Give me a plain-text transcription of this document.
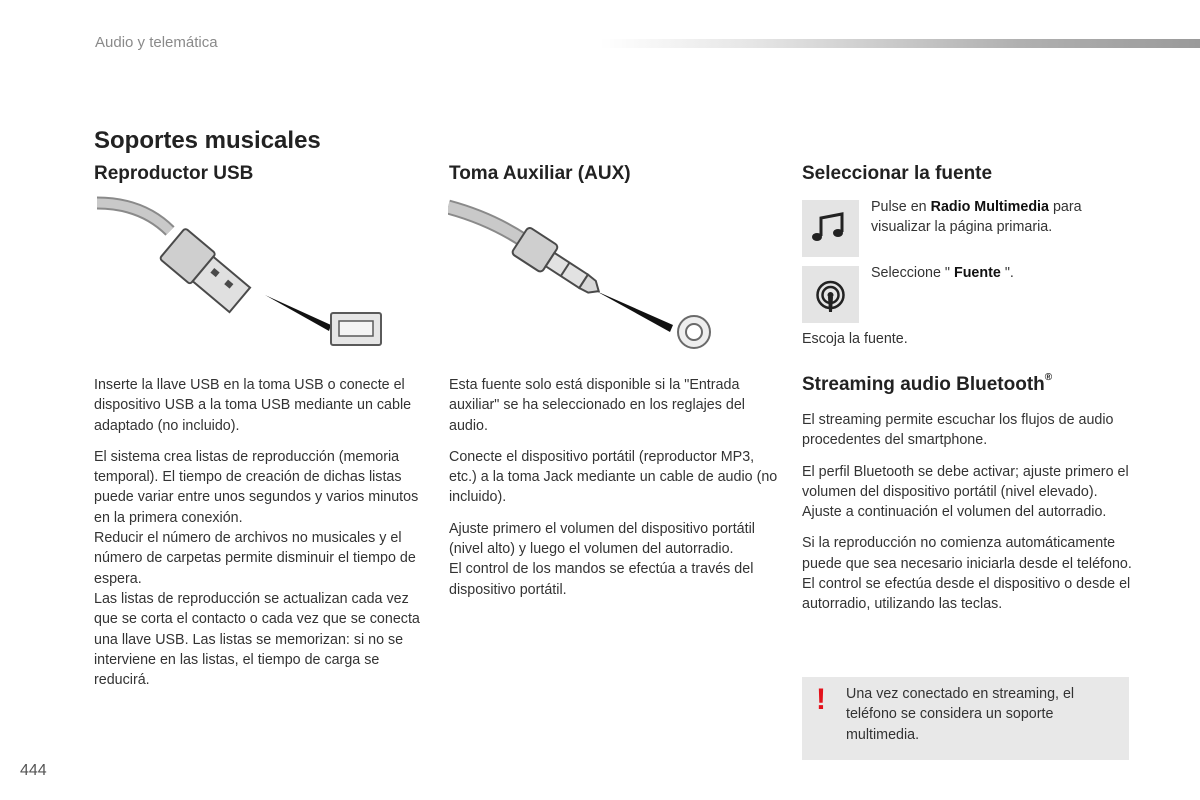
Audio y telemática
Soportes musicales
Reproductor USB

Inserte la llave USB en la toma USB o conecte el dispositivo USB a la toma USB mediante un cable adaptado (no incluido).

El sistema crea listas de reproducción (memoria temporal). El tiempo de creación de dichas listas puede variar entre unos segundos y varios minutos en la primera conexión.
Reducir el número de archivos no musicales y el número de carpetas permite disminuir el tiempo de espera.
Las listas de reproducción se actualizan cada vez que se corta el contacto o cada vez que se conecta una llave USB. Las listas se memorizan: si no se interviene en las listas, el tiempo de carga se reducirá.

Toma Auxiliar (AUX)

Esta fuente solo está disponible si la "Entrada auxiliar" se ha seleccionado en los reglajes del audio.

Conecte el dispositivo portátil (reproductor MP3, etc.) a la toma Jack mediante un cable de audio (no incluido).

Ajuste primero el volumen del dispositivo portátil (nivel alto) y luego el volumen del autorradio.
El control de los mandos se efectúa a través del dispositivo portátil.

Seleccionar la fuente
Pulse en Radio Multimedia para visualizar la página primaria.
Seleccione " Fuente ".
Escoja la fuente.
Streaming audio Bluetooth®

El streaming permite escuchar los flujos de audio procedentes del smartphone.

El perfil Bluetooth se debe activar; ajuste primero el volumen del dispositivo portátil (nivel elevado).
Ajuste a continuación el volumen del autorradio.

Si la reproducción no comienza automáticamente puede que sea necesario iniciarla desde el teléfono.
El control se efectúa desde el dispositivo o desde el autorradio, utilizando las teclas.

! Una vez conectado en streaming, el teléfono se considera un soporte multimedia.
444
